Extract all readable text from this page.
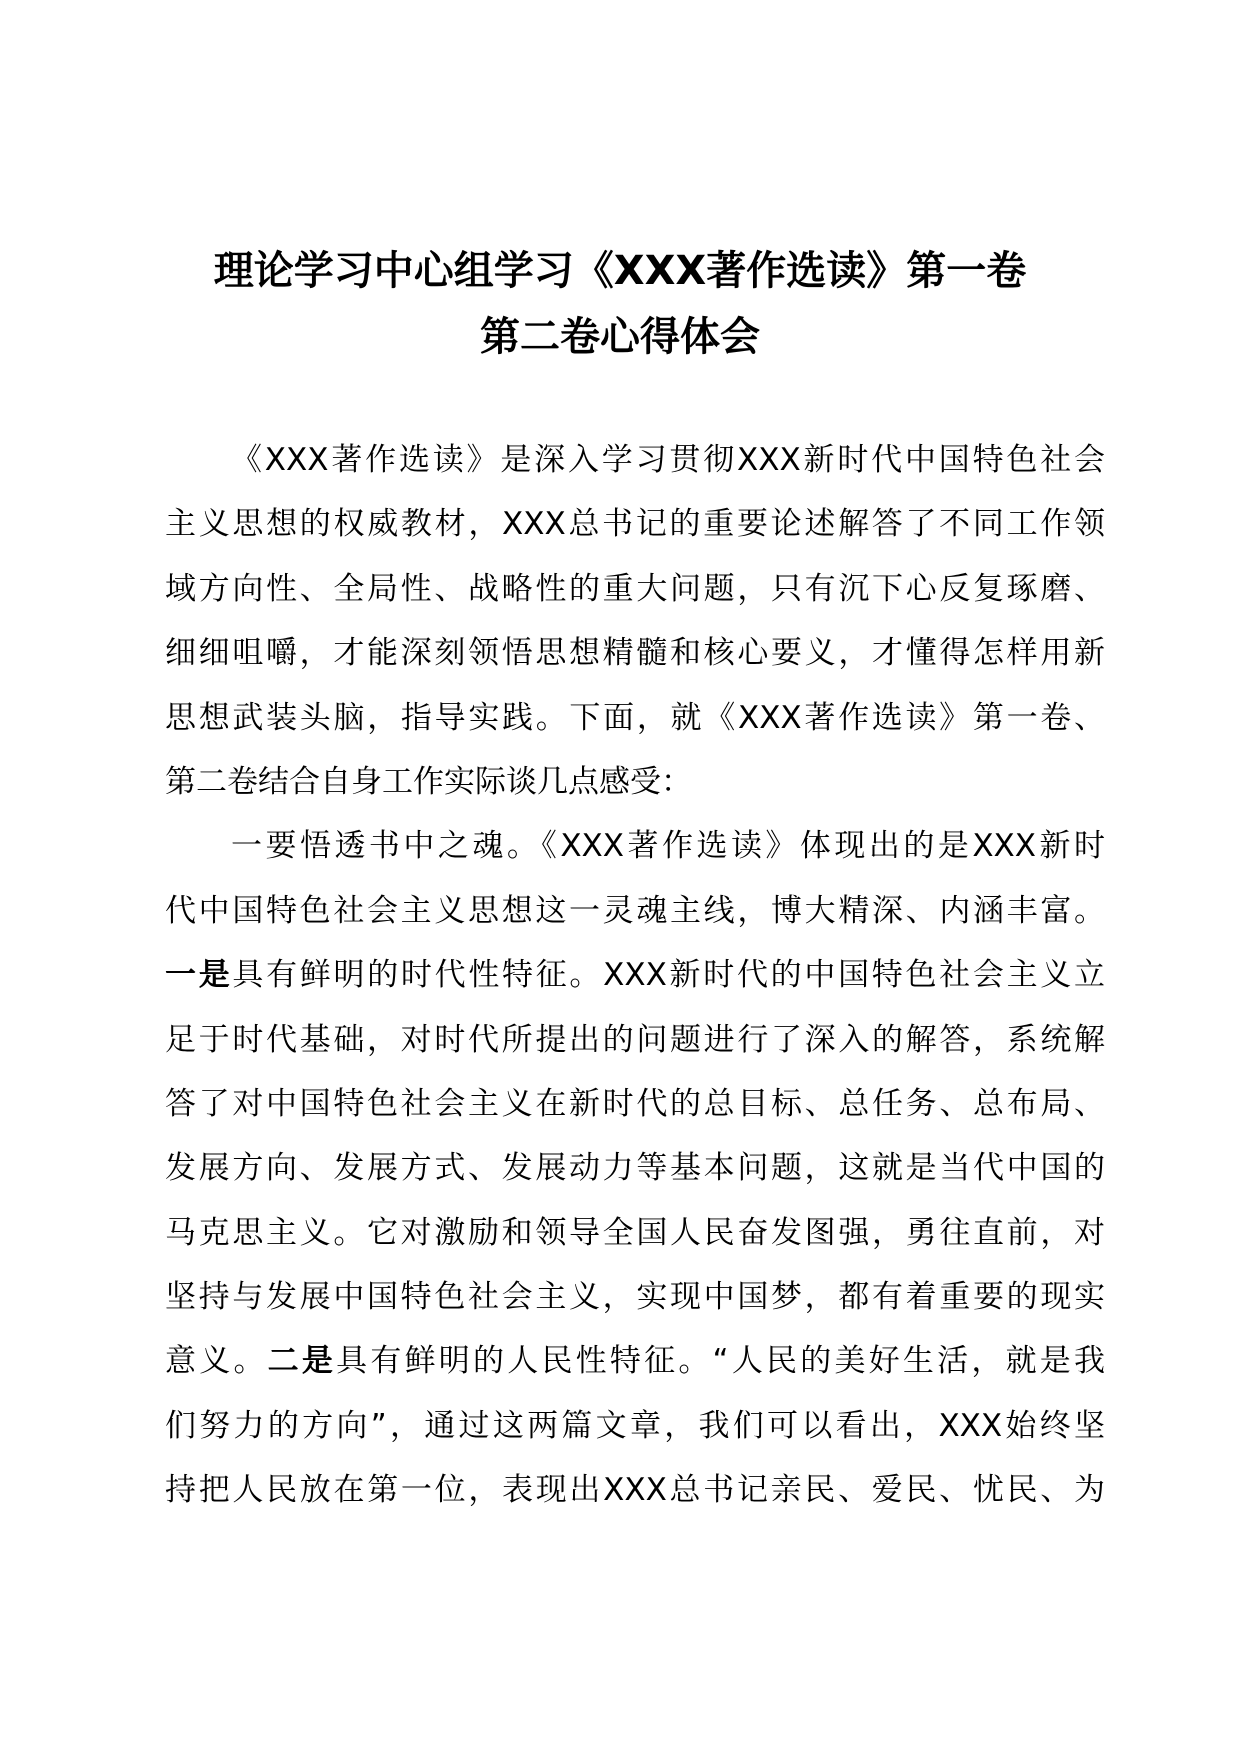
理论学习中心组学习《XXX著作选读》第一卷
第二卷心得体会
《XXX著作选读》是深入学习贯彻XXX新时代中国特色社会
主义思想的权威教材，XXX总书记的重要论述解答了不同工作领
域方向性、全局性、战略性的重大问题，只有沉下心反复琢磨、
细细咀嚼，才能深刻领悟思想精髓和核心要义，才懂得怎样用新
思想武装头脑，指导实践。下面，就《XXX著作选读》第一卷、
第二卷结合自身工作实际谈几点感受：
一要悟透书中之魂。《XXX著作选读》体现出的是XXX新时
代中国特色社会主义思想这一灵魂主线，博大精深、内涵丰富。
一是具有鲜明的时代性特征。XXX新时代的中国特色社会主义立
足于时代基础，对时代所提出的问题进行了深入的解答，系统解
答了对中国特色社会主义在新时代的总目标、总任务、总布局、
发展方向、发展方式、发展动力等基本问题，这就是当代中国的
马克思主义。它对激励和领导全国人民奋发图强，勇往直前，对
坚持与发展中国特色社会主义，实现中国梦，都有着重要的现实
意义。二是具有鲜明的人民性特征。“人民的美好生活，就是我
们努力的方向”，通过这两篇文章，我们可以看出，XXX始终坚
持把人民放在第一位，表现出XXX总书记亲民、爱民、忧民、为
